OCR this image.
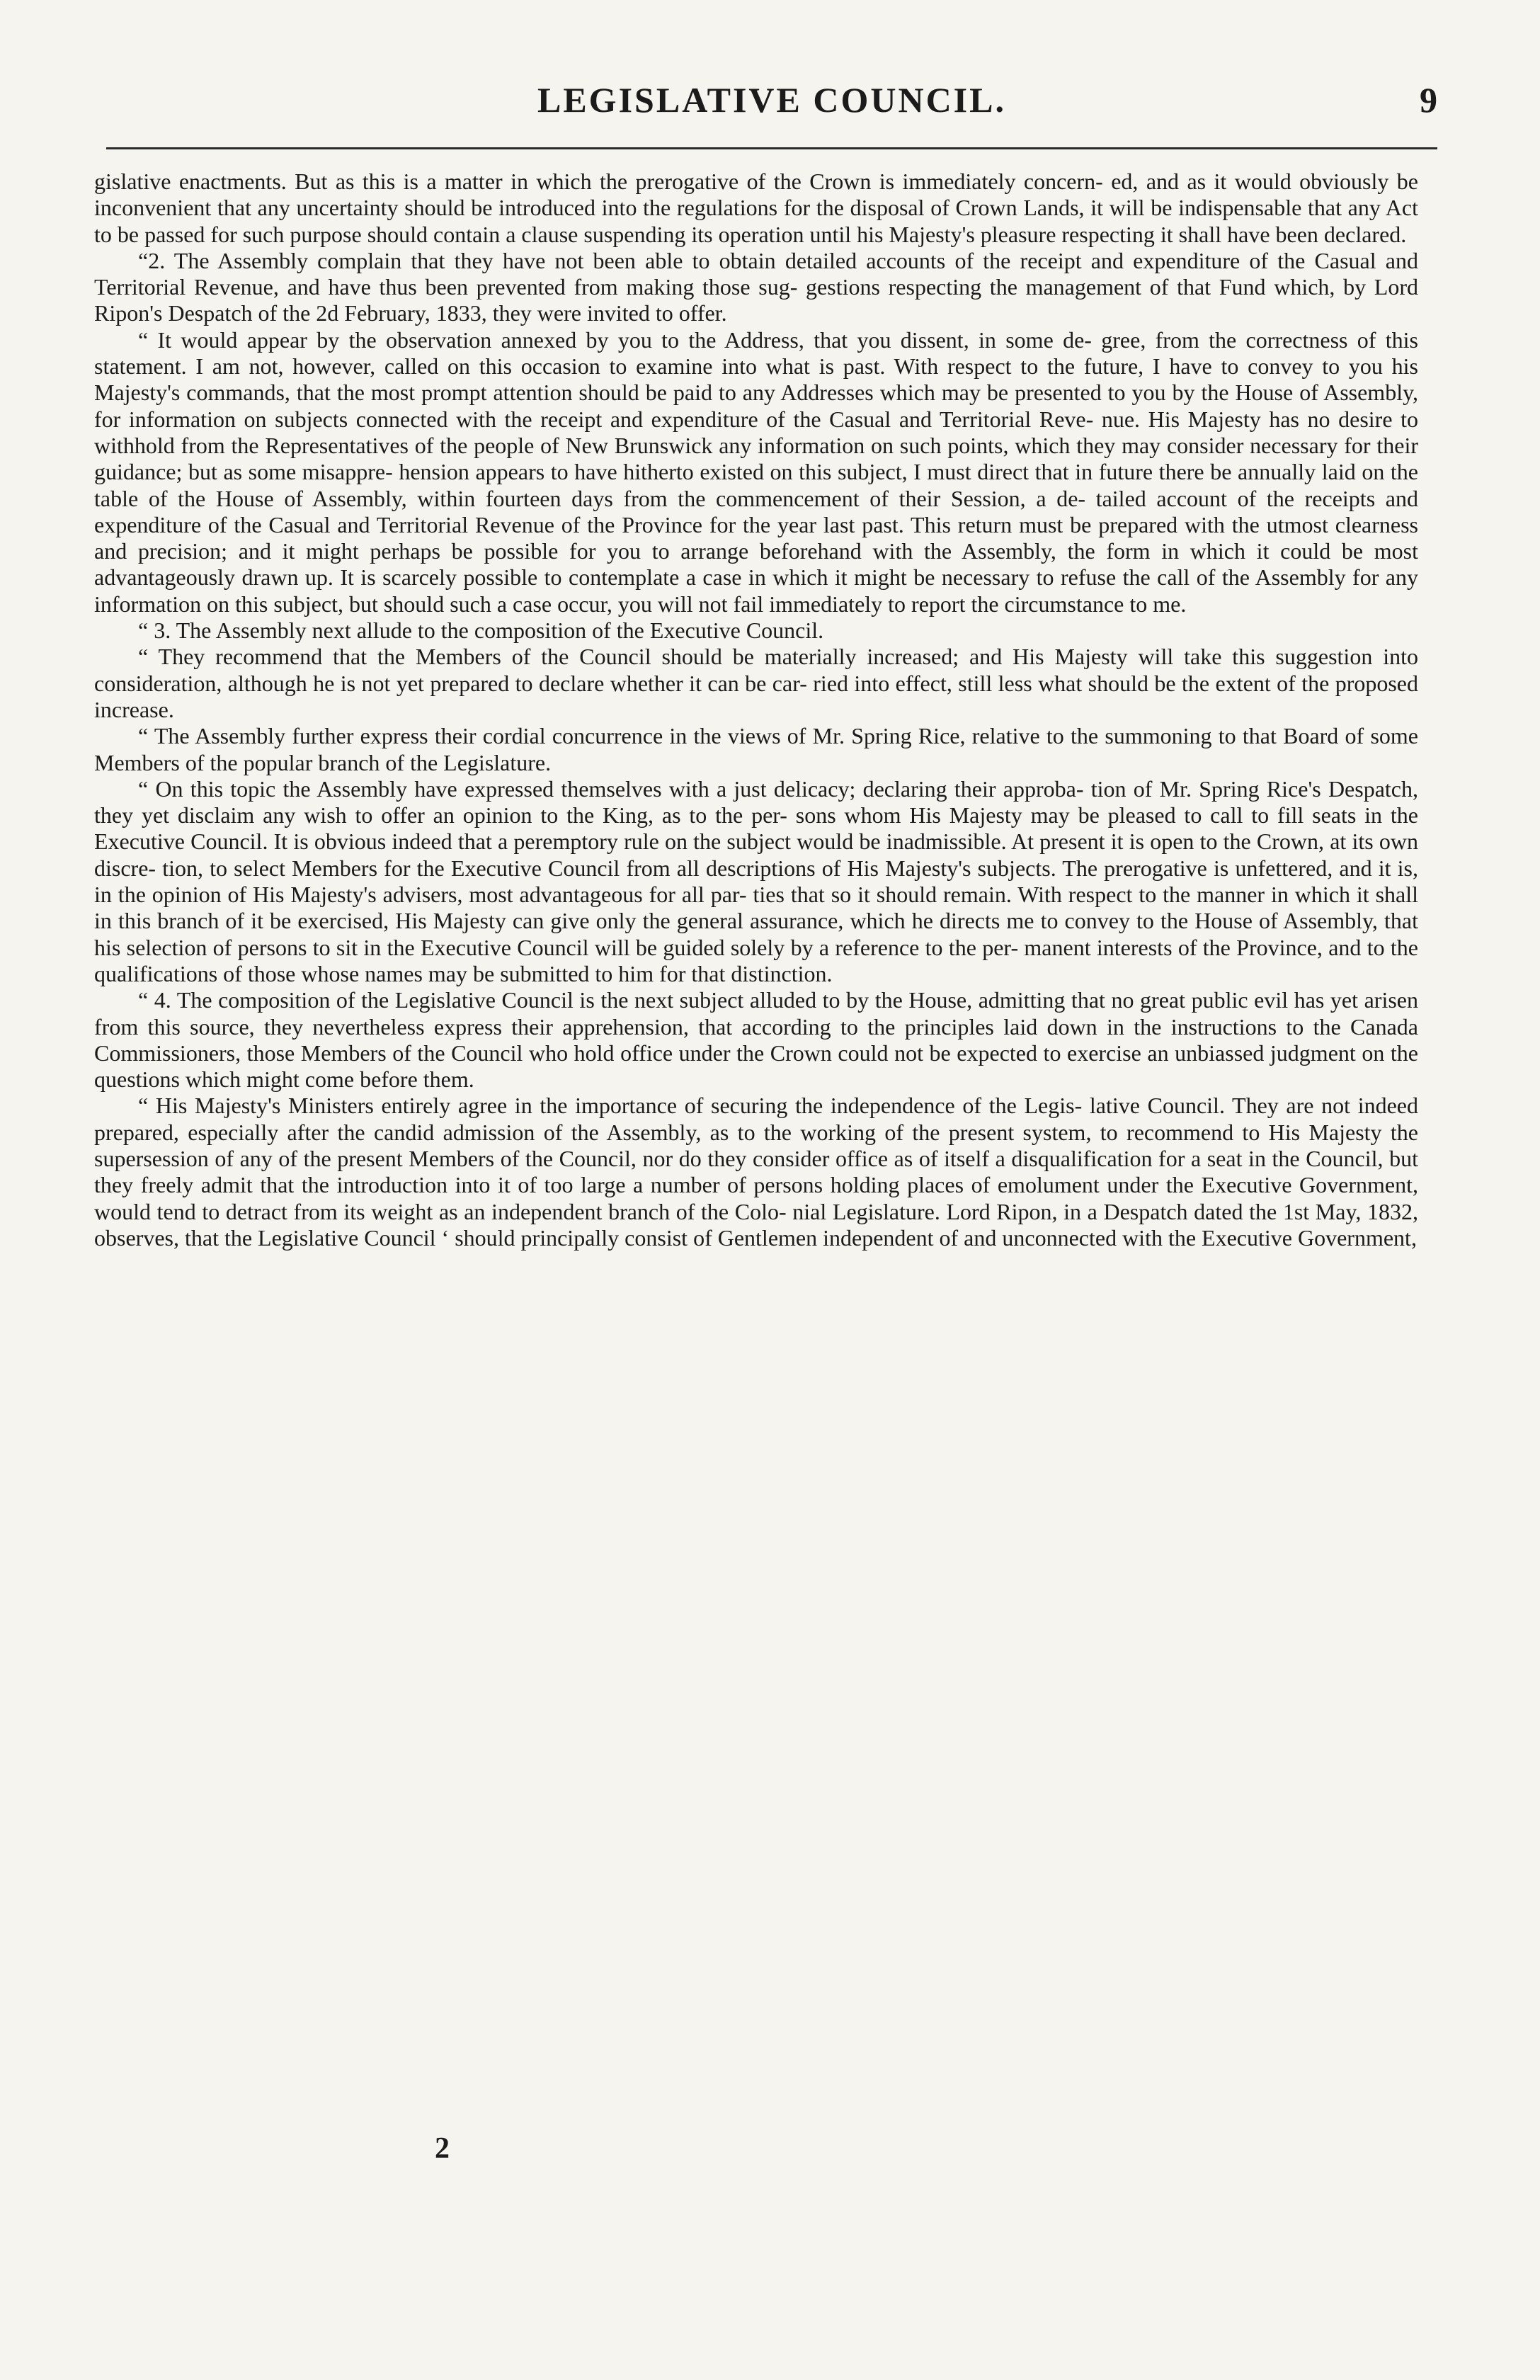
LEGISLATIVE COUNCIL.	9

gislative enactments. But as this is a matter in which the prerogative of the Crown is immediately concern- ed, and as it would obviously be inconvenient that any uncertainty should be introduced into the regulations for the disposal of Crown Lands, it will be indispensable that any Act to be passed for such purpose should contain a clause suspending its operation until his Majesty's pleasure respecting it shall have been declared.

“2. The Assembly complain that they have not been able to obtain detailed accounts of the receipt and expenditure of the Casual and Territorial Revenue, and have thus been prevented from making those sug- gestions respecting the management of that Fund which, by Lord Ripon's Despatch of the 2d February, 1833, they were invited to offer.

“ It would appear by the observation annexed by you to the Address, that you dissent, in some de- gree, from the correctness of this statement. I am not, however, called on this occasion to examine into what is past. With respect to the future, I have to convey to you his Majesty's commands, that the most prompt attention should be paid to any Addresses which may be presented to you by the House of Assembly, for information on subjects connected with the receipt and expenditure of the Casual and Territorial Reve- nue. His Majesty has no desire to withhold from the Representatives of the people of New Brunswick any information on such points, which they may consider necessary for their guidance; but as some misappre- hension appears to have hitherto existed on this subject, I must direct that in future there be annually laid on the table of the House of Assembly, within fourteen days from the commencement of their Session, a de- tailed account of the receipts and expenditure of the Casual and Territorial Revenue of the Province for the year last past. This return must be prepared with the utmost clearness and precision; and it might perhaps be possible for you to arrange beforehand with the Assembly, the form in which it could be most advantageously drawn up. It is scarcely possible to contemplate a case in which it might be necessary to refuse the call of the Assembly for any information on this subject, but should such a case occur, you will not fail immediately to report the circumstance to me.

“ 3. The Assembly next allude to the composition of the Executive Council.

“ They recommend that the Members of the Council should be materially increased; and His Majesty will take this suggestion into consideration, although he is not yet prepared to declare whether it can be car- ried into effect, still less what should be the extent of the proposed increase.

“ The Assembly further express their cordial concurrence in the views of Mr. Spring Rice, relative to the summoning to that Board of some Members of the popular branch of the Legislature.

“ On this topic the Assembly have expressed themselves with a just delicacy; declaring their approba- tion of Mr. Spring Rice's Despatch, they yet disclaim any wish to offer an opinion to the King, as to the per- sons whom His Majesty may be pleased to call to fill seats in the Executive Council. It is obvious indeed that a peremptory rule on the subject would be inadmissible. At present it is open to the Crown, at its own discre- tion, to select Members for the Executive Council from all descriptions of His Majesty's subjects. The prerogative is unfettered, and it is, in the opinion of His Majesty's advisers, most advantageous for all par- ties that so it should remain. With respect to the manner in which it shall in this branch of it be exercised, His Majesty can give only the general assurance, which he directs me to convey to the House of Assembly, that his selection of persons to sit in the Executive Council will be guided solely by a reference to the per- manent interests of the Province, and to the qualifications of those whose names may be submitted to him for that distinction.

“ 4. The composition of the Legislative Council is the next subject alluded to by the House, admitting that no great public evil has yet arisen from this source, they nevertheless express their apprehension, that according to the principles laid down in the instructions to the Canada Commissioners, those Members of the Council who hold office under the Crown could not be expected to exercise an unbiassed judgment on the questions which might come before them.

“ His Majesty's Ministers entirely agree in the importance of securing the independence of the Legis- lative Council. They are not indeed prepared, especially after the candid admission of the Assembly, as to the working of the present system, to recommend to His Majesty the supersession of any of the present Members of the Council, nor do they consider office as of itself a disqualification for a seat in the Council, but they freely admit that the introduction into it of too large a number of persons holding places of emolument under the Executive Government, would tend to detract from its weight as an independent branch of the Colo- nial Legislature. Lord Ripon, in a Despatch dated the 1st May, 1832, observes, that the Legislative Council ‘ should principally consist of Gentlemen independent of and unconnected with the Executive Government,

2
